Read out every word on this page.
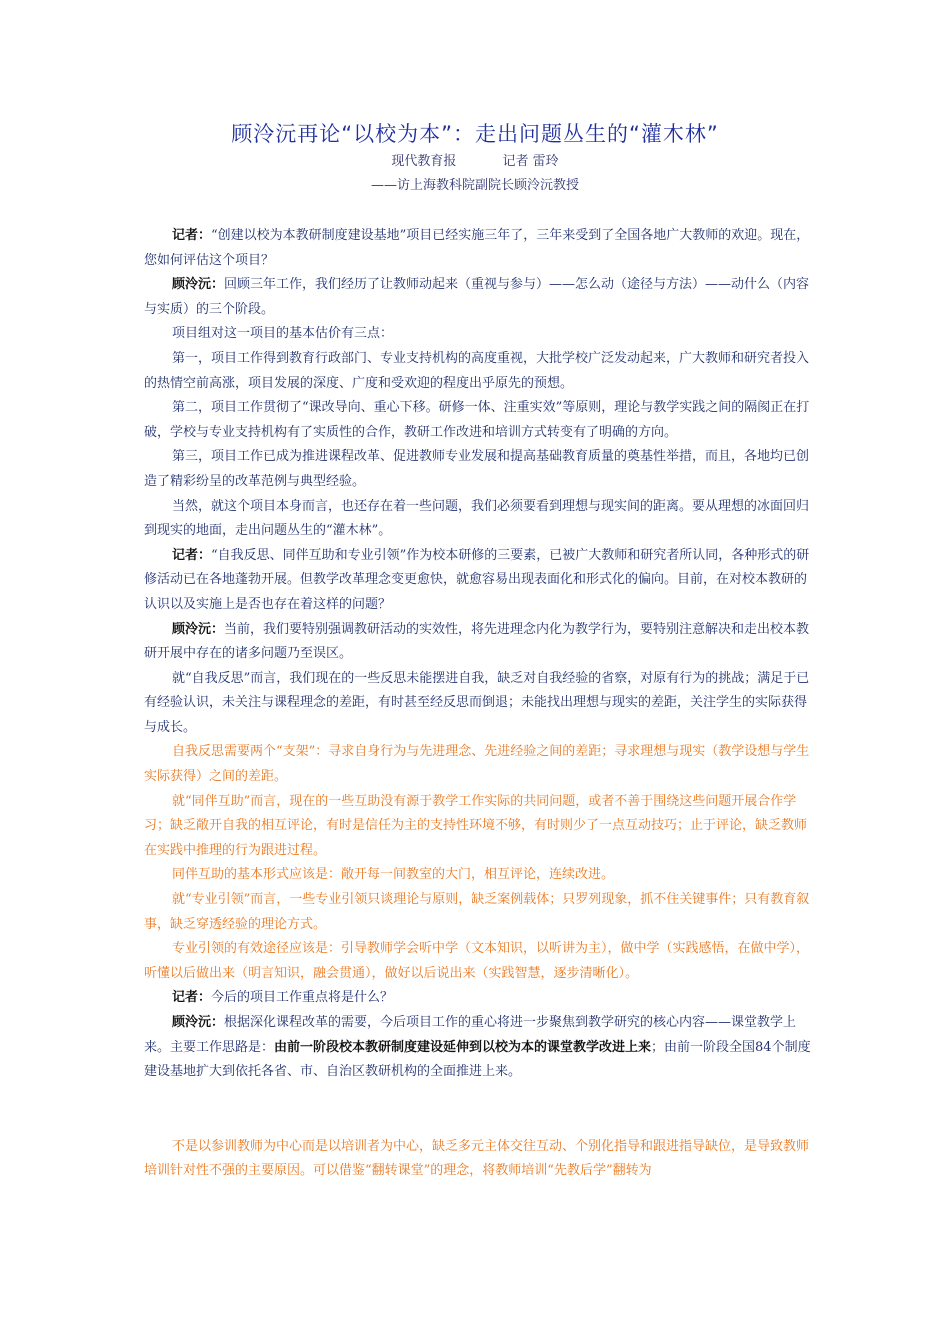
顾泠沅再论“以校为本”：走出问题丛生的“灌木林”
现代教育报	记者 雷玲
——访上海教科院副院长顾泠沅教授

记者：“创建以校为本教研制度建设基地”项目已经实施三年了，三年来受到了全国各地广大教师的欢迎。现在，您如何评估这个项目？

顾泠沅：回顾三年工作，我们经历了让教师动起来（重视与参与）——怎么动（途径与方法）——动什么（内容与实质）的三个阶段。

项目组对这一项目的基本估价有三点：

第一，项目工作得到教育行政部门、专业支持机构的高度重视，大批学校广泛发动起来，广大教师和研究者投入的热情空前高涨，项目发展的深度、广度和受欢迎的程度出乎原先的预想。

第二，项目工作贯彻了“课改导向、重心下移。研修一体、注重实效”等原则，理论与教学实践之间的隔阂正在打破，学校与专业支持机构有了实质性的合作，教研工作改进和培训方式转变有了明确的方向。

第三，项目工作已成为推进课程改革、促进教师专业发展和提高基础教育质量的奠基性举措，而且，各地均已创造了精彩纷呈的改革范例与典型经验。

当然，就这个项目本身而言，也还存在着一些问题，我们必须要看到理想与现实间的距离。要从理想的冰面回归到现实的地面，走出问题丛生的“灌木林”。

记者：“自我反思、同伴互助和专业引领”作为校本研修的三要素，已被广大教师和研究者所认同，各种形式的研修活动已在各地蓬勃开展。但教学改革理念变更愈快，就愈容易出现表面化和形式化的偏向。目前，在对校本教研的认识以及实施上是否也存在着这样的问题？

顾泠沅：当前，我们要特别强调教研活动的实效性，将先进理念内化为教学行为，要特别注意解决和走出校本教研开展中存在的诸多问题乃至误区。

就“自我反思”而言，我们现在的一些反思未能摆进自我，缺乏对自我经验的省察，对原有行为的挑战；满足于已有经验认识，未关注与课程理念的差距，有时甚至经反思而倒退；未能找出理想与现实的差距，关注学生的实际获得与成长。

自我反思需要两个“支架”：寻求自身行为与先进理念、先进经验之间的差距；寻求理想与现实（教学设想与学生实际获得）之间的差距。

就“同伴互助”而言，现在的一些互助没有源于教学工作实际的共同问题，或者不善于围绕这些问题开展合作学习；缺乏敞开自我的相互评论，有时是信任为主的支持性环境不够，有时则少了一点互动技巧；止于评论，缺乏教师在实践中推理的行为跟进过程。

同伴互助的基本形式应该是：敞开每一间教室的大门，相互评论，连续改进。

就“专业引领”而言，一些专业引领只谈理论与原则，缺乏案例载体；只罗列现象，抓不住关键事件；只有教育叙事，缺乏穿透经验的理论方式。

专业引领的有效途径应该是：引导教师学会听中学（文本知识，以听讲为主），做中学（实践感悟，在做中学），听懂以后做出来（明言知识，融会贯通），做好以后说出来（实践智慧，逐步清晰化）。

记者：今后的项目工作重点将是什么？

顾泠沅：根据深化课程改革的需要，今后项目工作的重心将进一步聚焦到教学研究的核心内容——课堂教学上来。主要工作思路是：由前一阶段校本教研制度建设延伸到以校为本的课堂教学改进上来；由前一阶段全国84个制度建设基地扩大到依托各省、市、自治区教研机构的全面推进上来。

不是以参训教师为中心而是以培训者为中心，缺乏多元主体交往互动、个别化指导和跟进指导缺位，是导致教师培训针对性不强的主要原因。可以借鉴“翻转课堂”的理念，将教师培训“先教后学”翻转为
